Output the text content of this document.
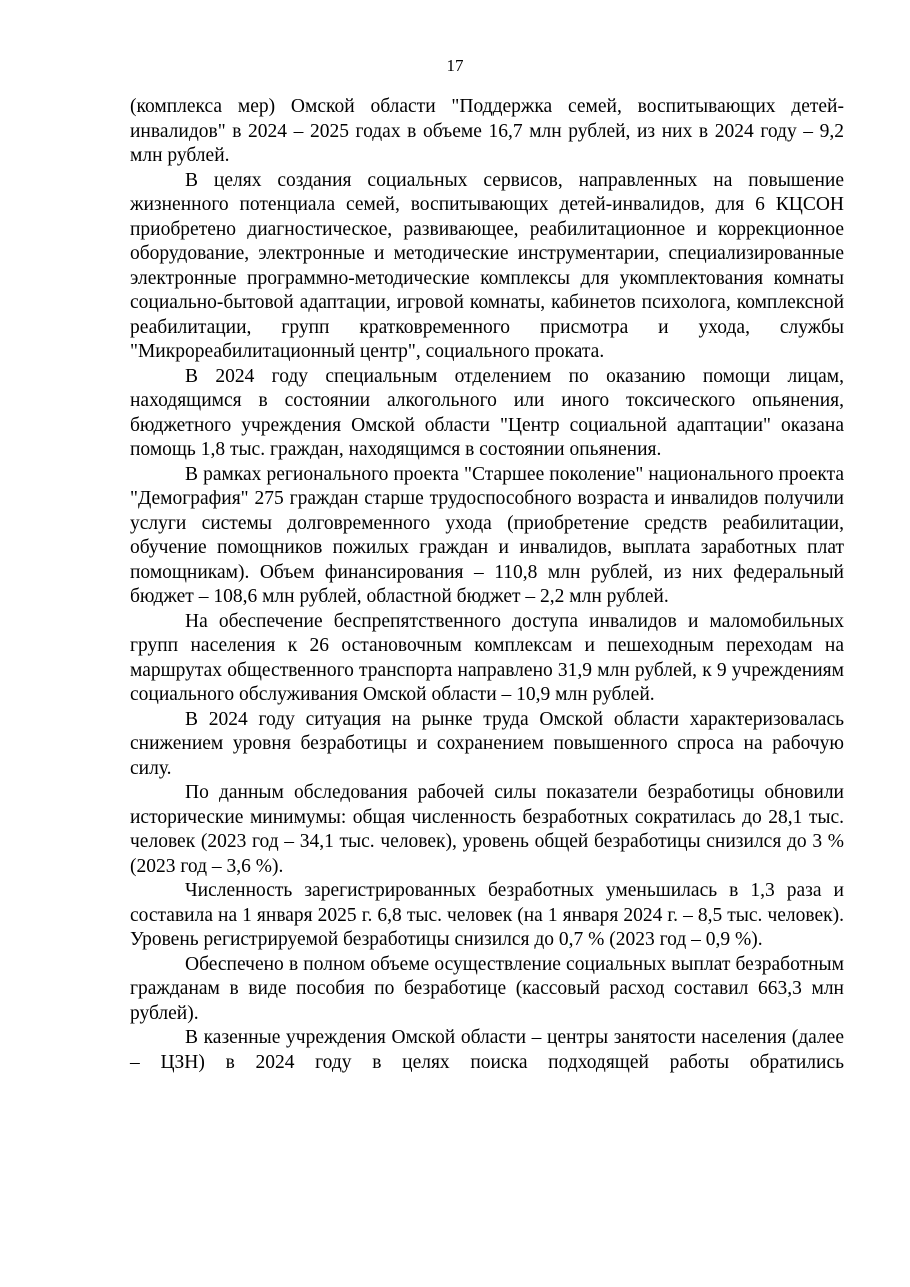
17

(комплекса мер) Омской области "Поддержка семей, воспитывающих детей-инвалидов" в 2024 – 2025 годах в объеме 16,7 млн рублей, из них в 2024 году – 9,2 млн рублей.

В целях создания социальных сервисов, направленных на повышение жизненного потенциала семей, воспитывающих детей-инвалидов, для 6 КЦСОН приобретено диагностическое, развивающее, реабилитационное и коррекционное оборудование, электронные и методические инструментарии, специализированные электронные программно-методические комплексы для укомплектования комнаты социально-бытовой адаптации, игровой комнаты, кабинетов психолога, комплексной реабилитации, групп кратковременного присмотра и ухода, службы "Микрореабилитационный центр", социального проката.

В 2024 году специальным отделением по оказанию помощи лицам, находящимся в состоянии алкогольного или иного токсического опьянения, бюджетного учреждения Омской области "Центр социальной адаптации" оказана помощь 1,8 тыс. граждан, находящимся в состоянии опьянения.

В рамках регионального проекта "Старшее поколение" национального проекта "Демография" 275 граждан старше трудоспособного возраста и инвалидов получили услуги системы долговременного ухода (приобретение средств реабилитации, обучение помощников пожилых граждан и инвалидов, выплата заработных плат помощникам). Объем финансирования – 110,8 млн рублей, из них федеральный бюджет – 108,6 млн рублей, областной бюджет – 2,2 млн рублей.

На обеспечение беспрепятственного доступа инвалидов и маломобильных групп населения к 26 остановочным комплексам и пешеходным переходам на маршрутах общественного транспорта направлено 31,9 млн рублей, к 9 учреждениям социального обслуживания Омской области – 10,9 млн рублей.

В 2024 году ситуация на рынке труда Омской области характеризовалась снижением уровня безработицы и сохранением повышенного спроса на рабочую силу.

По данным обследования рабочей силы показатели безработицы обновили исторические минимумы: общая численность безработных сократилась до 28,1 тыс. человек (2023 год – 34,1 тыс. человек), уровень общей безработицы снизился до 3 % (2023 год – 3,6 %).

Численность зарегистрированных безработных уменьшилась в 1,3 раза и составила на 1 января 2025 г. 6,8 тыс. человек (на 1 января 2024 г. – 8,5 тыс. человек). Уровень регистрируемой безработицы снизился до 0,7 % (2023 год – 0,9 %).

Обеспечено в полном объеме осуществление социальных выплат безработным гражданам в виде пособия по безработице (кассовый расход составил 663,3 млн рублей).

В казенные учреждения Омской области – центры занятости населения (далее – ЦЗН) в 2024 году в целях поиска подходящей работы обратились
